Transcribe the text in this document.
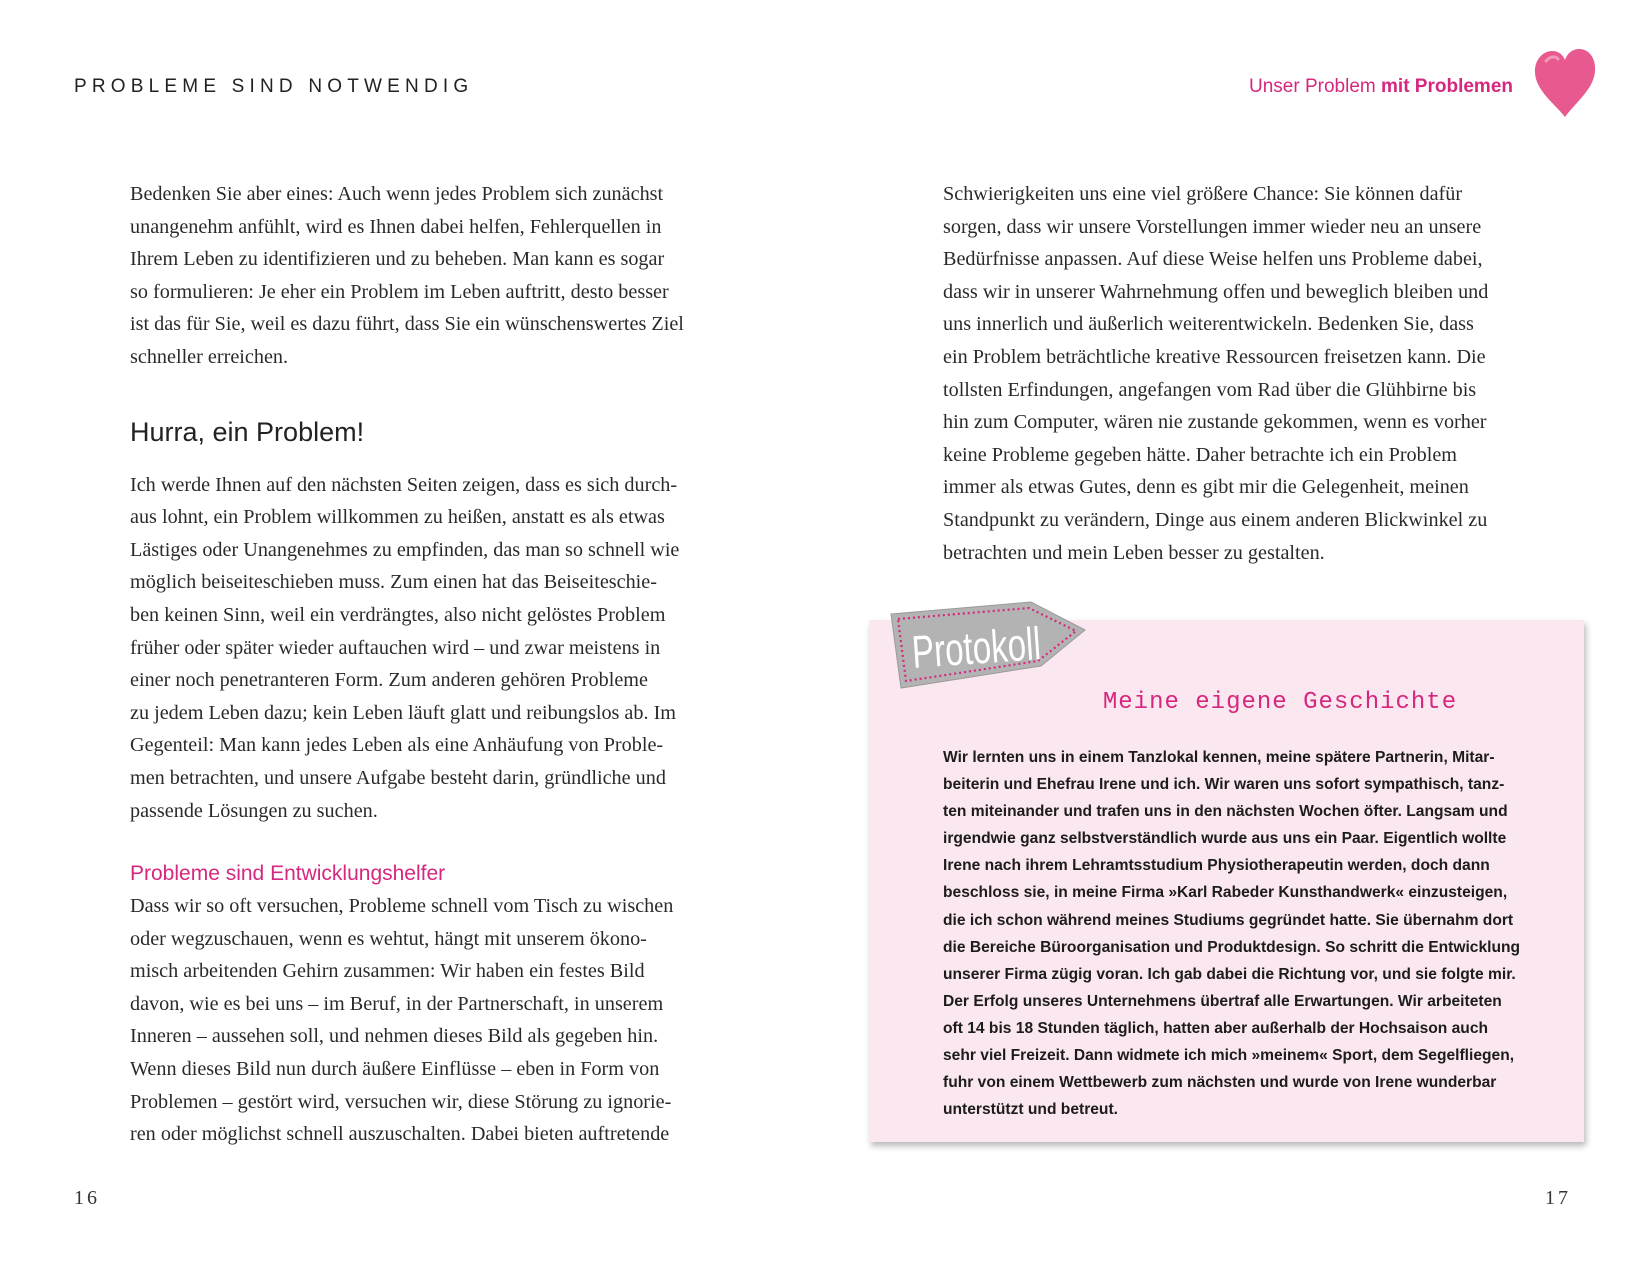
PROBLEME SIND NOTWENDIG	Unser Problem mit Problemen

Bedenken Sie aber eines: Auch wenn jedes Problem sich zunächst
unangenehm anfühlt, wird es Ihnen dabei helfen, Fehlerquellen in
Ihrem Leben zu identifizieren und zu beheben. Man kann es sogar
so formulieren: Je eher ein Problem im Leben auftritt, desto besser
ist das für Sie, weil es dazu führt, dass Sie ein wünschenswertes Ziel
schneller erreichen.

Hurra, ein Problem!

Ich werde Ihnen auf den nächsten Seiten zeigen, dass es sich durch-
aus lohnt, ein Problem willkommen zu heißen, anstatt es als etwas
Lästiges oder Unangenehmes zu empfinden, das man so schnell wie
möglich beiseiteschieben muss. Zum einen hat das Beiseiteschie-
ben keinen Sinn, weil ein verdrängtes, also nicht gelöstes Problem
früher oder später wieder auftauchen wird – und zwar meistens in
einer noch penetranteren Form. Zum anderen gehören Probleme
zu jedem Leben dazu; kein Leben läuft glatt und reibungslos ab. Im
Gegenteil: Man kann jedes Leben als eine Anhäufung von Proble-
men betrachten, und unsere Aufgabe besteht darin, gründliche und
passende Lösungen zu suchen.

Probleme sind Entwicklungshelfer

Dass wir so oft versuchen, Probleme schnell vom Tisch zu wischen
oder wegzuschauen, wenn es wehtut, hängt mit unserem ökono-
misch arbeitenden Gehirn zusammen: Wir haben ein festes Bild
davon, wie es bei uns – im Beruf, in der Partnerschaft, in unserem
Inneren – aussehen soll, und nehmen dieses Bild als gegeben hin.
Wenn dieses Bild nun durch äußere Einflüsse – eben in Form von
Problemen – gestört wird, versuchen wir, diese Störung zu ignorie-
ren oder möglichst schnell auszuschalten. Dabei bieten auftretende

16

Schwierigkeiten uns eine viel größere Chance: Sie können dafür
sorgen, dass wir unsere Vorstellungen immer wieder neu an unsere
Bedürfnisse anpassen. Auf diese Weise helfen uns Probleme dabei,
dass wir in unserer Wahrnehmung offen und beweglich bleiben und
uns innerlich und äußerlich weiterentwickeln. Bedenken Sie, dass
ein Problem beträchtliche kreative Ressourcen freisetzen kann. Die
tollsten Erfindungen, angefangen vom Rad über die Glühbirne bis
hin zum Computer, wären nie zustande gekommen, wenn es vorher
keine Probleme gegeben hätte. Daher betrachte ich ein Problem
immer als etwas Gutes, denn es gibt mir die Gelegenheit, meinen
Standpunkt zu verändern, Dinge aus einem anderen Blickwinkel zu
betrachten und mein Leben besser zu gestalten.

Protokoll
Meine eigene Geschichte

Wir lernten uns in einem Tanzlokal kennen, meine spätere Partnerin, Mitar-
beiterin und Ehefrau Irene und ich. Wir waren uns sofort sympathisch, tanz-
ten miteinander und trafen uns in den nächsten Wochen öfter. Langsam und
irgendwie ganz selbstverständlich wurde aus uns ein Paar. Eigentlich wollte
Irene nach ihrem Lehramtsstudium Physiotherapeutin werden, doch dann
beschloss sie, in meine Firma »Karl Rabeder Kunsthandwerk« einzusteigen,
die ich schon während meines Studiums gegründet hatte. Sie übernahm dort
die Bereiche Büroorganisation und Produktdesign. So schritt die Entwicklung
unserer Firma zügig voran. Ich gab dabei die Richtung vor, und sie folgte mir.
Der Erfolg unseres Unternehmens übertraf alle Erwartungen. Wir arbeiteten
oft 14 bis 18 Stunden täglich, hatten aber außerhalb der Hochsaison auch
sehr viel Freizeit. Dann widmete ich mich »meinem« Sport, dem Segelfliegen,
fuhr von einem Wettbewerb zum nächsten und wurde von Irene wunderbar
unterstützt und betreut.

17
